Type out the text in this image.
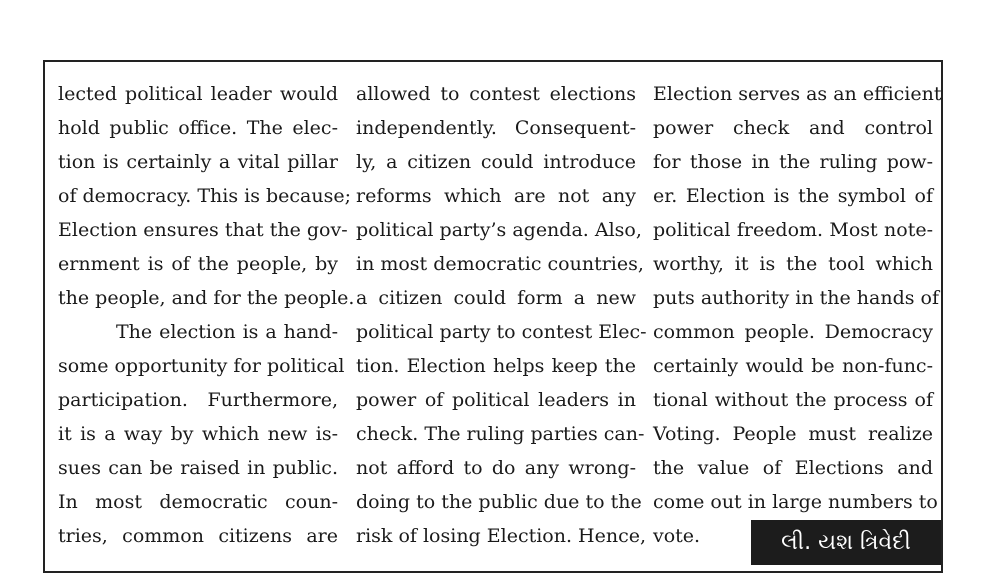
lected political leader would
hold public office. The elec-
tion is certainly a vital pillar
of democracy. This is because;
Election ensures that the gov-
ernment is of the people, by
the people, and for the people.
The election is a hand-
some opportunity for political
participation. Furthermore,
it is a way by which new is-
sues can be raised in public.
In most democratic coun-
tries, common citizens are
allowed to contest elections
independently. Consequent-
ly, a citizen could introduce
reforms which are not any
political party’s agenda. Also,
in most democratic countries,
a citizen could form a new
political party to contest Elec-
tion. Election helps keep the
power of political leaders in
check. The ruling parties can-
not afford to do any wrong-
doing to the public due to the
risk of losing Election. Hence,
Election serves as an efficient
power check and control
for those in the ruling pow-
er. Election is the symbol of
political freedom. Most note-
worthy, it is the tool which
puts authority in the hands of
common people. Democracy
certainly would be non-func-
tional without the process of
Voting. People must realize
the value of Elections and
come out in large numbers to
vote.	લી. યશ ત્રિવેદી
